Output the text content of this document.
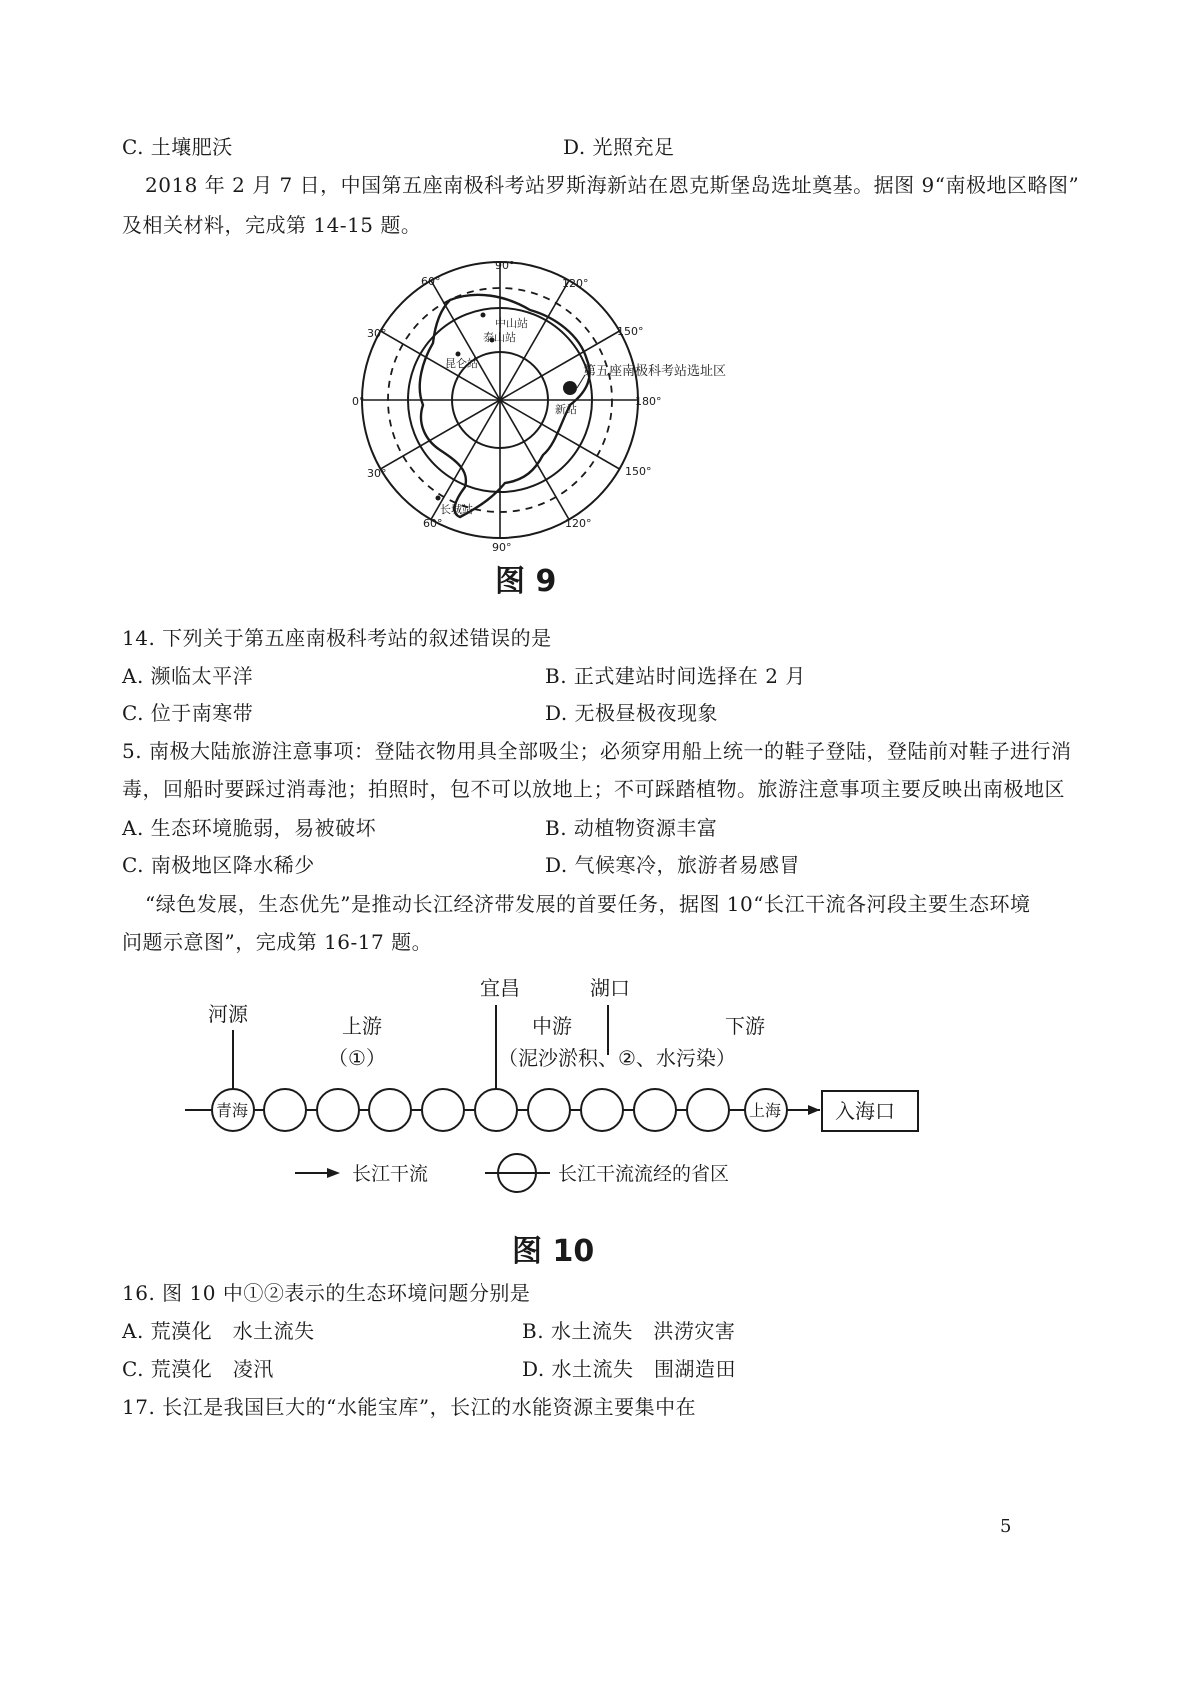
C. 土壤肥沃	D. 光照充足
2018 年 2 月 7 日，中国第五座南极科考站罗斯海新站在恩克斯堡岛选址奠基。据图 9“南极地区略图”
及相关材料，完成第 14-15 题。
90°
120°
150°
180°
150°
120°
90°
60°
30°
0°
30°
60°
中山站
泰山站
昆仑站
长城站
新站
第五座南极科考站选址区
图 9
14. 下列关于第五座南极科考站的叙述错误的是
A. 濒临太平洋	B. 正式建站时间选择在 2 月
C. 位于南寒带	D. 无极昼极夜现象
5. 南极大陆旅游注意事项：登陆衣物用具全部吸尘；必须穿用船上统一的鞋子登陆，登陆前对鞋子进行消
毒，回船时要踩过消毒池；拍照时，包不可以放地上；不可踩踏植物。旅游注意事项主要反映出南极地区
A. 生态环境脆弱，易被破坏	B. 动植物资源丰富
C. 南极地区降水稀少	D. 气候寒冷，旅游者易感冒
“绿色发展，生态优先”是推动长江经济带发展的首要任务，据图 10“长江干流各河段主要生态环境
问题示意图”，完成第 16-17 题。
河源
宜昌	湖口
上游
（①）
中游
（泥沙淤积、②、水污染）
下游
青海	上海	入海口
长江干流	长江干流流经的省区
图 10
16. 图 10 中①②表示的生态环境问题分别是
A. 荒漠化　水土流失	B. 水土流失　洪涝灾害
C. 荒漠化　凌汛	D. 水土流失　围湖造田
17. 长江是我国巨大的“水能宝库”，长江的水能资源主要集中在
5
